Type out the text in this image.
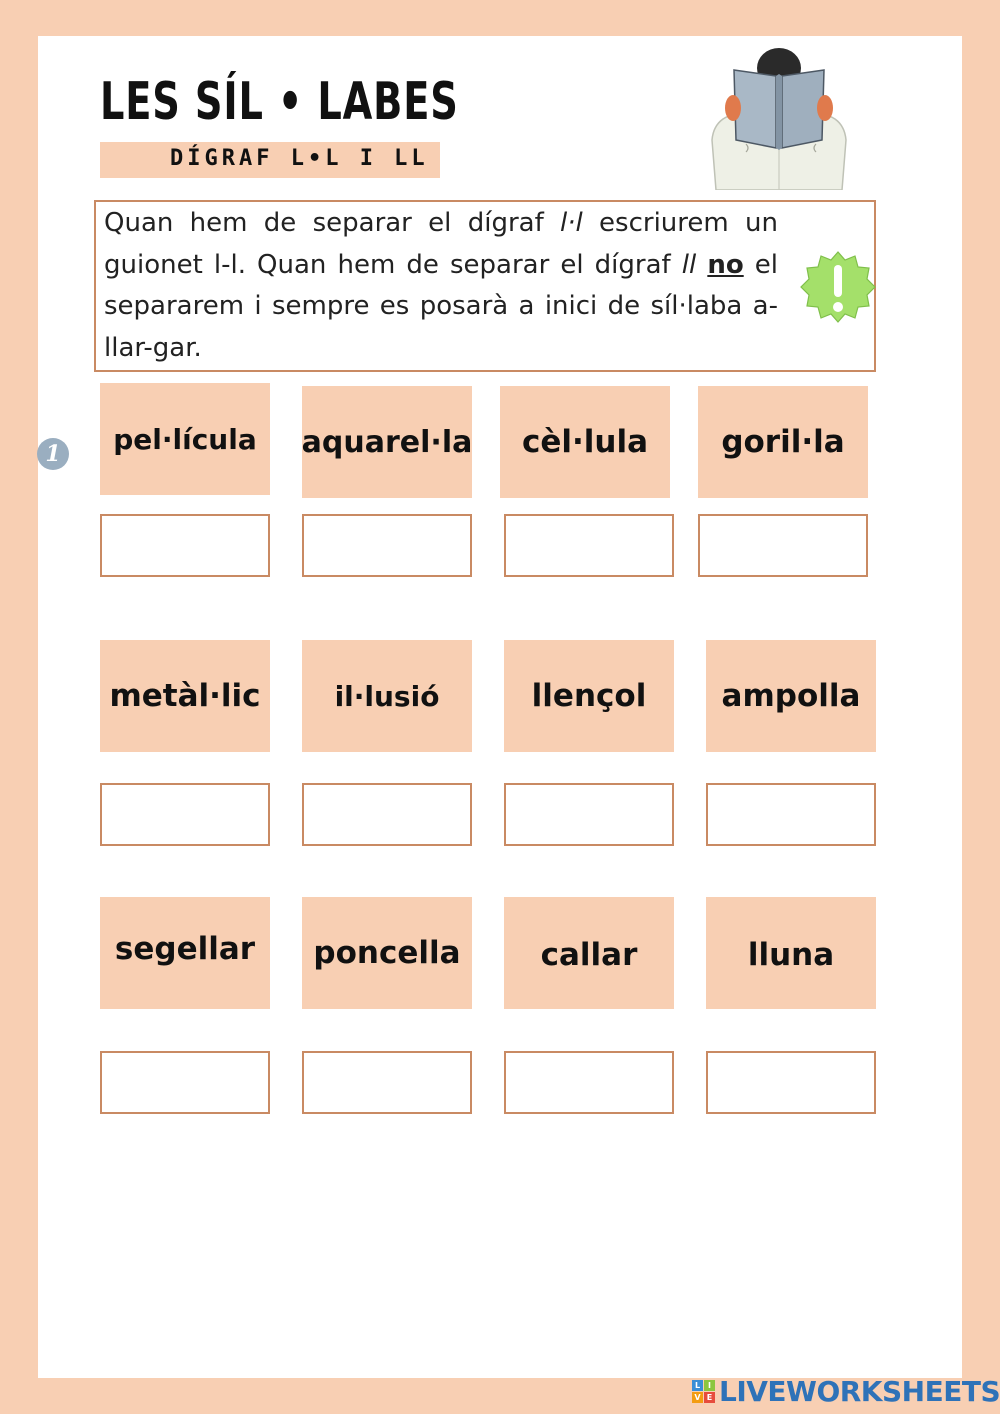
LES SÍL • LABES
DÍGRAF L•L I LL

Quan hem de separar el dígraf l·l escriurem un guionet l-l. Quan hem de separar el dígraf ll no el separarem i sempre es posarà a inici de síl·laba a-llar-gar.

1	pel·lícula	aquarel·la	cèl·lula	goril·la
metàl·lic	il·lusió	llençol	ampolla
segellar	poncella	callar	lluna
L I
V E LIVEWORKSHEETS
